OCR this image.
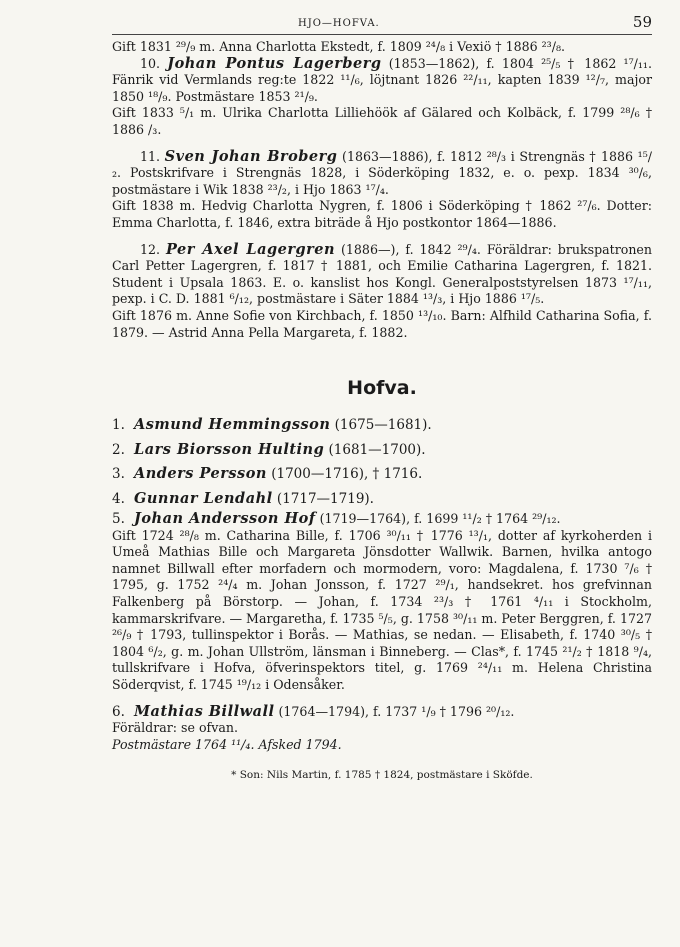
HJO—HOFVA.	59

Gift 1831 ²⁹/₉ m. Anna Charlotta Ekstedt, f. 1809 ²⁴/₈ i Vexiö † 1886 ²³/₈.

10. Johan Pontus Lagerberg (1853—1862), f. 1804 ²⁵/₅ † 1862 ¹⁷/₁₁. Fänrik vid Vermlands reg:te 1822 ¹¹/₆, löjtnant 1826 ²²/₁₁, kapten 1839 ¹²/₇, major 1850 ¹⁸/₉. Postmästare 1853 ²¹/₉.

Gift 1833 ⁵/₁ m. Ulrika Charlotta Lilliehöök af Gälared och Kolbäck, f. 1799 ²⁸/₆ † 1886 /₃.

11. Sven Johan Broberg (1863—1886), f. 1812 ²⁸/₃ i Strengnäs † 1886 ¹⁵/₂. Postskrifvare i Strengnäs 1828, i Söderköping 1832, e. o. pexp. 1834 ³⁰/₆, postmästare i Wik 1838 ²³/₂, i Hjo 1863 ¹⁷/₄.

Gift 1838 m. Hedvig Charlotta Nygren, f. 1806 i Söderköping † 1862 ²⁷/₆. Dotter: Emma Charlotta, f. 1846, extra biträde å Hjo postkontor 1864—1886.

12. Per Axel Lagergren (1886—), f. 1842 ²⁹/₄. Föräldrar: brukspatronen Carl Petter Lagergren, f. 1817 † 1881, och Emilie Catharina Lagergren, f. 1821. Student i Upsala 1863. E. o. kanslist hos Kongl. Generalpoststyrelsen 1873 ¹⁷/₁₁, pexp. i C. D. 1881 ⁶/₁₂, postmästare i Säter 1884 ¹³/₃, i Hjo 1886 ¹⁷/₅.

Gift 1876 m. Anne Sofie von Kirchbach, f. 1850 ¹³/₁₀. Barn: Alfhild Catharina Sofia, f. 1879. — Astrid Anna Pella Margareta, f. 1882.

Hofva.
1. Asmund Hemmingsson (1675—1681).
2. Lars Biorsson Hulting (1681—1700).
3. Anders Persson (1700—1716), † 1716.
4. Gunnar Lendahl (1717—1719).

5. Johan Andersson Hof (1719—1764), f. 1699 ¹¹/₂ † 1764 ²⁹/₁₂.

Gift 1724 ²⁸/₈ m. Catharina Bille, f. 1706 ³⁰/₁₁ † 1776 ¹³/₁, dotter af kyrkoherden i Umeå Mathias Bille och Margareta Jönsdotter Wallwik. Barnen, hvilka antogo namnet Billwall efter morfadern och mormodern, voro: Magdalena, f. 1730 ⁷/₆ † 1795, g. 1752 ²⁴/₄ m. Johan Jonsson, f. 1727 ²⁹/₁, handsekret. hos grefvinnan Falkenberg på Börstorp. — Johan, f. 1734 ²³/₃ † 1761 ⁴/₁₁ i Stockholm, kammarskrifvare. — Margaretha, f. 1735 ⁵/₅, g. 1758 ³⁰/₁₁ m. Peter Berggren, f. 1727 ²⁶/₉ † 1793, tullinspektor i Borås. — Mathias, se nedan. — Elisabeth, f. 1740 ³⁰/₅ † 1804 ⁶/₂, g. m. Johan Ullström, länsman i Binneberg. — Clas*, f. 1745 ²¹/₂ † 1818 ⁹/₄, tullskrifvare i Hofva, öfverinspektors titel, g. 1769 ²⁴/₁₁ m. Helena Christina Söderqvist, f. 1745 ¹⁹/₁₂ i Odensåker.

6. Mathias Billwall (1764—1794), f. 1737 ¹/₉ † 1796 ²⁰/₁₂.

Föräldrar: se ofvan.

Postmästare 1764 ¹¹/₄. Afsked 1794.

* Son: Nils Martin, f. 1785 † 1824, postmästare i Sköfde.
